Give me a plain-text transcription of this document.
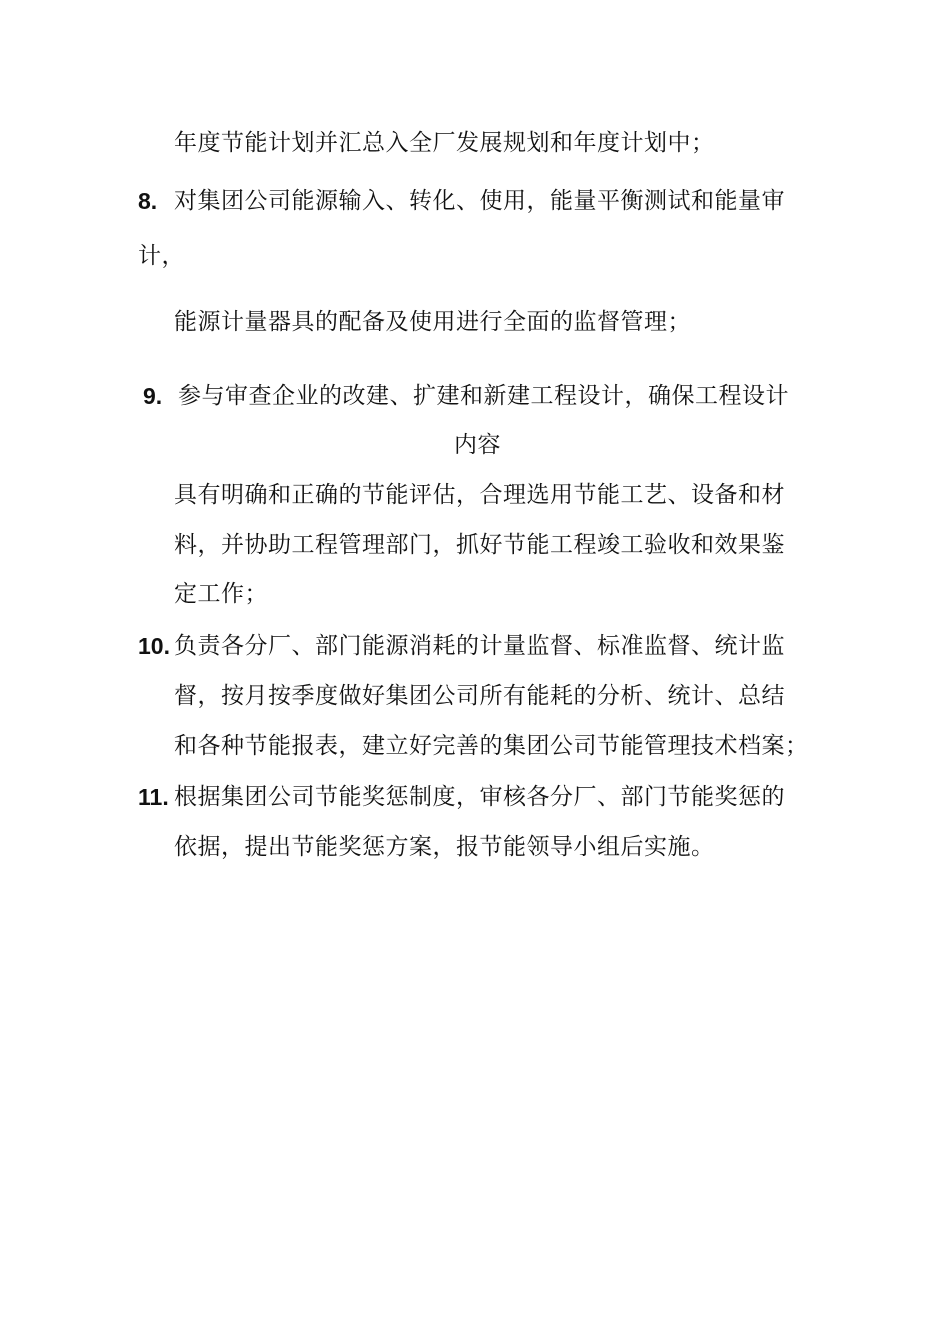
年度节能计划并汇总入全厂发展规划和年度计划中；
8. 对集团公司能源输入、转化、使用，能量平衡测试和能量审
计，
能源计量器具的配备及使用进行全面的监督管理；
9. 参与审查企业的改建、扩建和新建工程设计，确保工程设计
内容
具有明确和正确的节能评估，合理选用节能工艺、设备和材
料，并协助工程管理部门，抓好节能工程竣工验收和效果鉴
定工作；
10. 负责各分厂、部门能源消耗的计量监督、标准监督、统计监
督，按月按季度做好集团公司所有能耗的分析、统计、总结
和各种节能报表，建立好完善的集团公司节能管理技术档案；
11. 根据集团公司节能奖惩制度，审核各分厂、部门节能奖惩的
依据，提出节能奖惩方案，报节能领导小组后实施。
